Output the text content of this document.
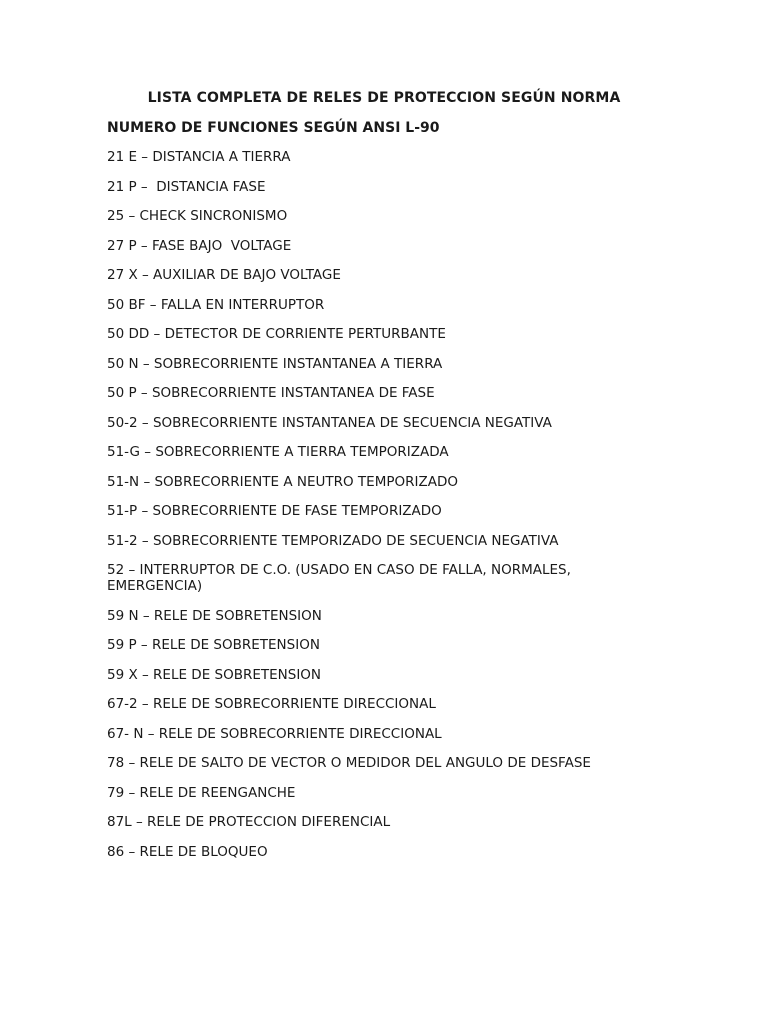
LISTA COMPLETA DE RELES DE PROTECCION SEGÚN NORMA
NUMERO DE FUNCIONES SEGÚN ANSI L-90
21 E – DISTANCIA A TIERRA
21 P –  DISTANCIA FASE
25 – CHECK SINCRONISMO
27 P – FASE BAJO  VOLTAGE
27 X – AUXILIAR DE BAJO VOLTAGE
50 BF – FALLA EN INTERRUPTOR
50 DD – DETECTOR DE CORRIENTE PERTURBANTE
50 N – SOBRECORRIENTE INSTANTANEA A TIERRA
50 P – SOBRECORRIENTE INSTANTANEA DE FASE
50-2 – SOBRECORRIENTE INSTANTANEA DE SECUENCIA NEGATIVA
51-G – SOBRECORRIENTE A TIERRA TEMPORIZADA
51-N – SOBRECORRIENTE A NEUTRO TEMPORIZADO
51-P – SOBRECORRIENTE DE FASE TEMPORIZADO
51-2 – SOBRECORRIENTE TEMPORIZADO DE SECUENCIA NEGATIVA
52 – INTERRUPTOR DE C.O. (USADO EN CASO DE FALLA, NORMALES, EMERGENCIA)
59 N – RELE DE SOBRETENSION
59 P – RELE DE SOBRETENSION
59 X – RELE DE SOBRETENSION
67-2 – RELE DE SOBRECORRIENTE DIRECCIONAL
67- N – RELE DE SOBRECORRIENTE DIRECCIONAL
78 – RELE DE SALTO DE VECTOR O MEDIDOR DEL ANGULO DE DESFASE
79 – RELE DE REENGANCHE
87L – RELE DE PROTECCION DIFERENCIAL
86 – RELE DE BLOQUEO
